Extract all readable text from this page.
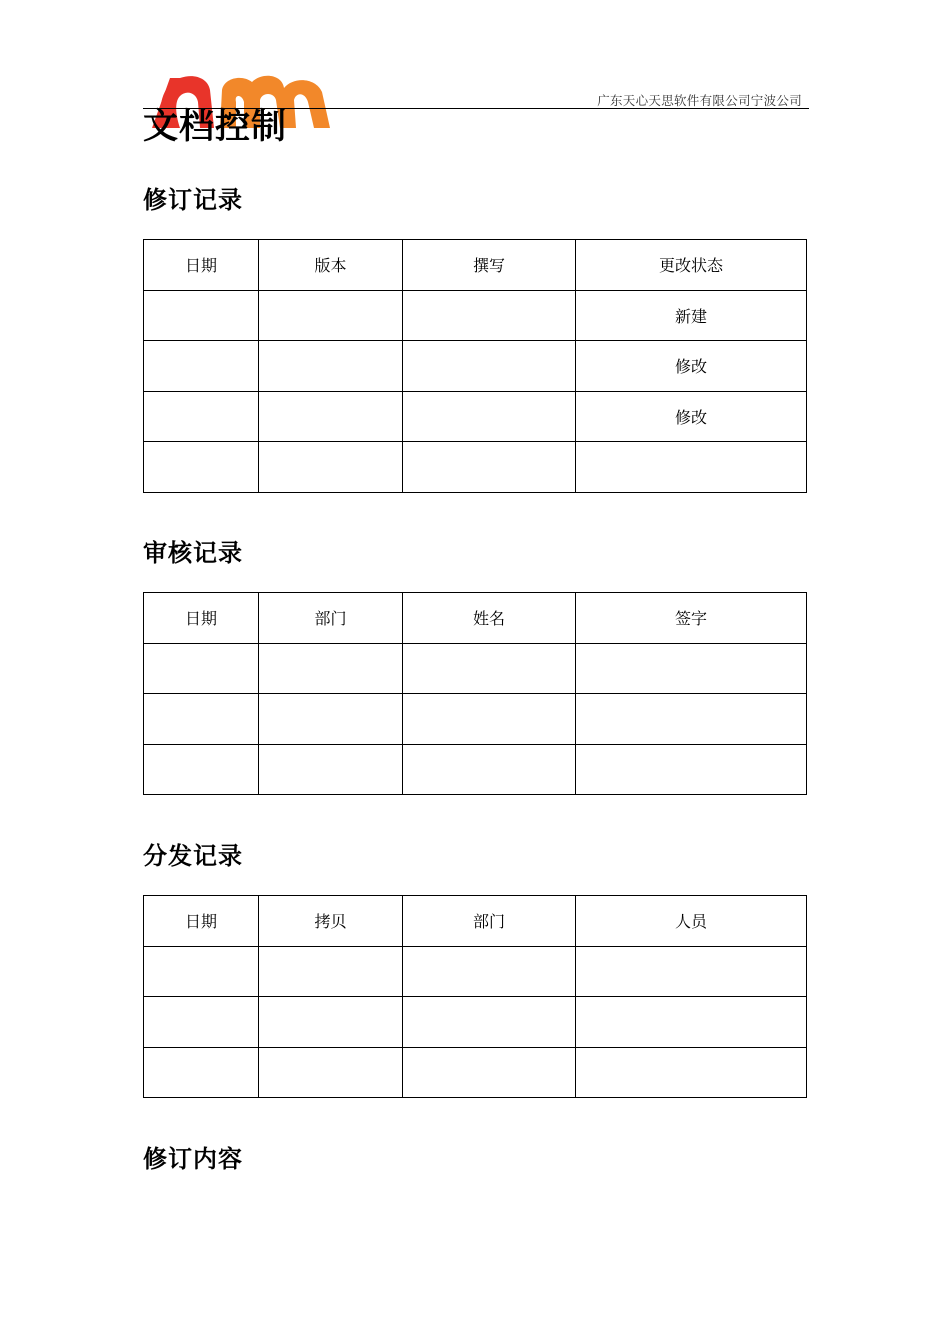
广东天心天思软件有限公司宁波公司
文档控制
修订记录
日期	版本	撰写	更改状态
			新建
			修改
			修改

审核记录
日期	部门	姓名	签字

分发记录
日期	拷贝	部门	人员

修订内容
